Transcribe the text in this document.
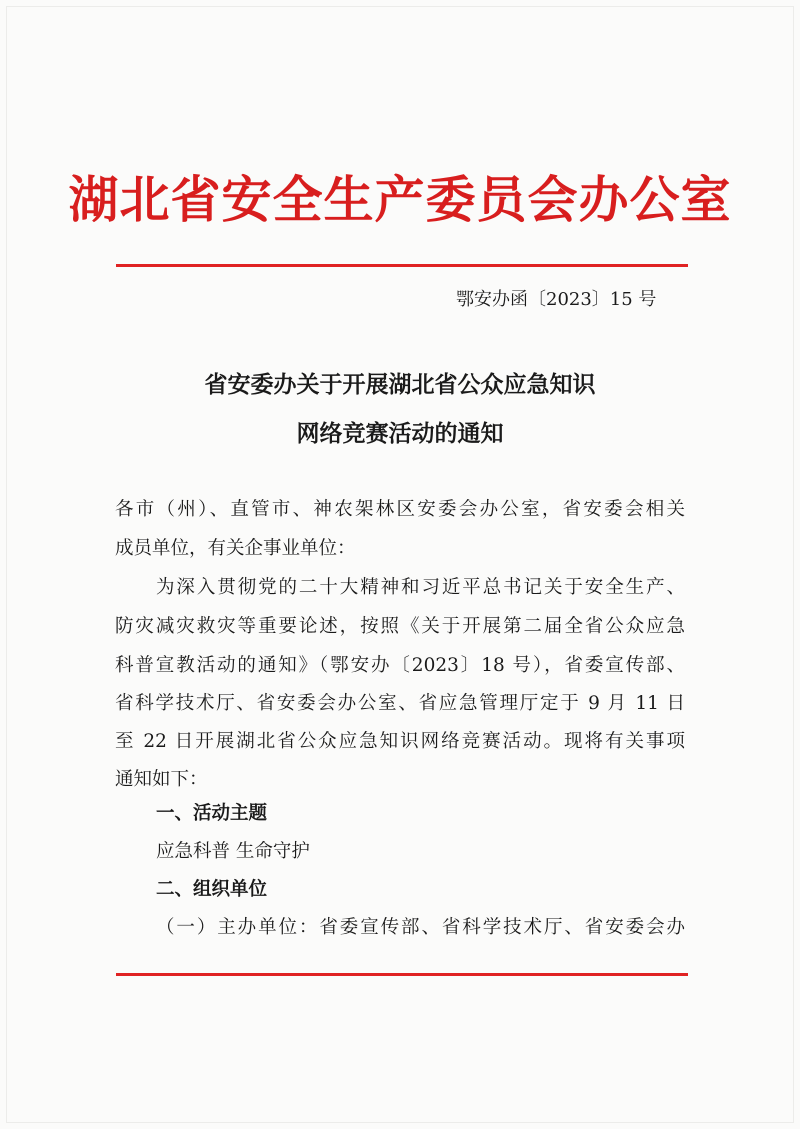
湖北省安全生产委员会办公室
鄂安办函〔2023〕15 号
省安委办关于开展湖北省公众应急知识
网络竞赛活动的通知
各市（州）、直管市、神农架林区安委会办公室，省安委会相关
成员单位，有关企事业单位：
为深入贯彻党的二十大精神和习近平总书记关于安全生产、
防灾减灾救灾等重要论述，按照《关于开展第二届全省公众应急
科普宣教活动的通知》（鄂安办〔2023〕18 号），省委宣传部、
省科学技术厅、省安委会办公室、省应急管理厅定于 9 月 11 日
至 22 日开展湖北省公众应急知识网络竞赛活动。现将有关事项
通知如下：
一、活动主题
应急科普 生命守护
二、组织单位
（一）主办单位：省委宣传部、省科学技术厅、省安委会办
